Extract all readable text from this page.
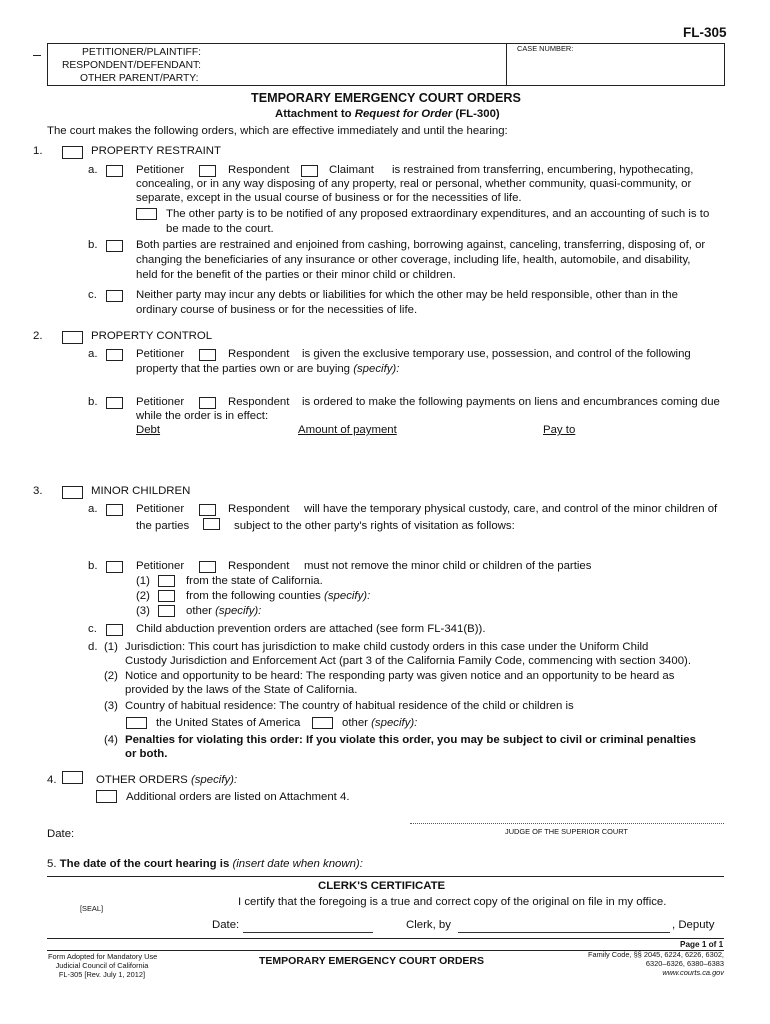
FL-305
PETITIONER/PLAINTIFF:
RESPONDENT/DEFENDANT:
OTHER PARENT/PARTY:
CASE NUMBER:
TEMPORARY EMERGENCY COURT ORDERS
Attachment to Request for Order (FL-300)
The court makes the following orders, which are effective immediately and until the hearing:
1.	PROPERTY RESTRAINT
a.	Petitioner	Respondent	Claimant is restrained from transferring, encumbering, hypothecating,
concealing, or in any way disposing of any property, real or personal, whether community, quasi-community, or
separate, except in the usual course of business or for the necessities of life.
The other party is to be notified of any proposed extraordinary expenditures, and an accounting of such is to
be made to the court.
b.	Both parties are restrained and enjoined from cashing, borrowing against, canceling, transferring, disposing of, or
changing the beneficiaries of any insurance or other coverage, including life, health, automobile, and disability,
held for the benefit of the parties or their minor child or children.
c.	Neither party may incur any debts or liabilities for which the other may be held responsible, other than in the
ordinary course of business or for the necessities of life.
2.	PROPERTY CONTROL
a.	Petitioner	Respondent is given the exclusive temporary use, possession, and control of the following
property that the parties own or are buying (specify):
b.	Petitioner	Respondent is ordered to make the following payments on liens and encumbrances coming due
while the order is in effect:
Debt	Amount of payment	Pay to
3.	MINOR CHILDREN
a.	Petitioner	Respondent will have the temporary physical custody, care, and control of the minor children of
the parties	subject to the other party's rights of visitation as follows:
b.	Petitioner	Respondent must not remove the minor child or children of the parties
(1)	from the state of California.
(2)	from the following counties (specify):
(3)	other (specify):
c.	Child abduction prevention orders are attached (see form FL-341(B)).
d. (1) Jurisdiction: This court has jurisdiction to make child custody orders in this case under the Uniform Child
Custody Jurisdiction and Enforcement Act (part 3 of the California Family Code, commencing with section 3400).
(2) Notice and opportunity to be heard: The responding party was given notice and an opportunity to be heard as
provided by the laws of the State of California.
(3) Country of habitual residence: The country of habitual residence of the child or children is
the United States of America	other (specify):
(4) Penalties for violating this order: If you violate this order, you may be subject to civil or criminal penalties
or both.
4.	OTHER ORDERS (specify):
Additional orders are listed on Attachment 4.
Date:	JUDGE OF THE SUPERIOR COURT
5. The date of the court hearing is (insert date when known):
CLERK'S CERTIFICATE
I certify that the foregoing is a true and correct copy of the original on file in my office.
[SEAL]
Date:	Clerk, by	, Deputy
Page 1 of 1
Form Adopted for Mandatory Use
Judicial Council of California
FL-305 [Rev. July 1, 2012]
TEMPORARY EMERGENCY COURT ORDERS
Family Code, §§ 2045, 6224, 6226, 6302,
6320–6326, 6380–6383
www.courts.ca.gov
